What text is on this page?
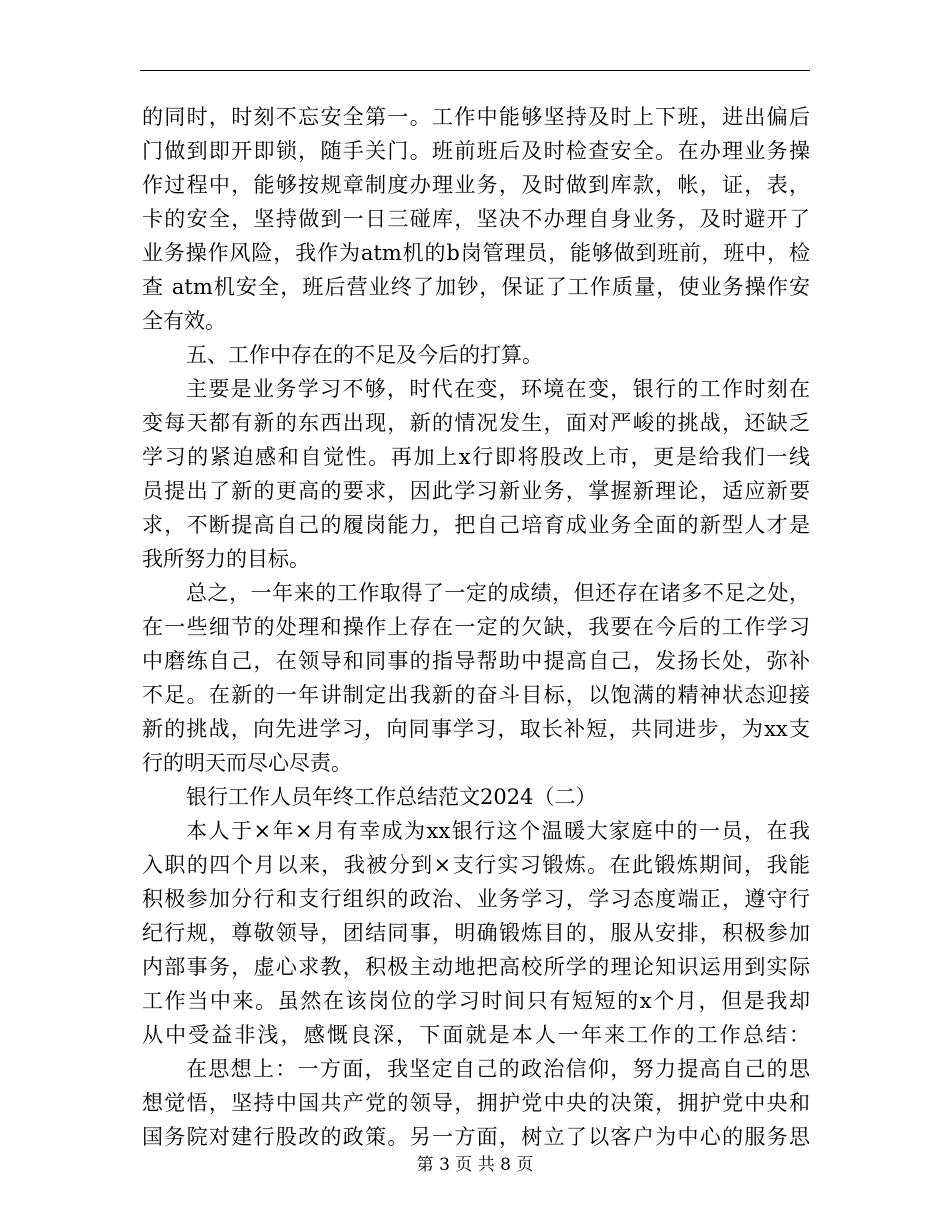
的同时，时刻不忘安全第一。工作中能够坚持及时上下班，进出偏后
门做到即开即锁，随手关门。班前班后及时检查安全。在办理业务操
作过程中，能够按规章制度办理业务，及时做到库款，帐，证，表，
卡的安全，坚持做到一日三碰库，坚决不办理自身业务，及时避开了
业务操作风险，我作为atm机的b岗管理员，能够做到班前，班中，检
查 atm机安全，班后营业终了加钞，保证了工作质量，使业务操作安
全有效。
五、工作中存在的不足及今后的打算。
主要是业务学习不够，时代在变，环境在变，银行的工作时刻在
变每天都有新的东西出现，新的情况发生，面对严峻的挑战，还缺乏
学习的紧迫感和自觉性。再加上x行即将股改上市，更是给我们一线
员提出了新的更高的要求，因此学习新业务，掌握新理论，适应新要
求，不断提高自己的履岗能力，把自己培育成业务全面的新型人才是
我所努力的目标。
总之，一年来的工作取得了一定的成绩，但还存在诸多不足之处，
在一些细节的处理和操作上存在一定的欠缺，我要在今后的工作学习
中磨练自己，在领导和同事的指导帮助中提高自己，发扬长处，弥补
不足。在新的一年讲制定出我新的奋斗目标，以饱满的精神状态迎接
新的挑战，向先进学习，向同事学习，取长补短，共同进步，为xx支
行的明天而尽心尽责。
银行工作人员年终工作总结范文2024（二）
本人于×年×月有幸成为xx银行这个温暖大家庭中的一员，在我
入职的四个月以来，我被分到×支行实习锻炼。在此锻炼期间，我能
积极参加分行和支行组织的政治、业务学习，学习态度端正，遵守行
纪行规，尊敬领导，团结同事，明确锻炼目的，服从安排，积极参加
内部事务，虚心求教，积极主动地把高校所学的理论知识运用到实际
工作当中来。虽然在该岗位的学习时间只有短短的x个月，但是我却
从中受益非浅，感慨良深，下面就是本人一年来工作的工作总结：
在思想上：一方面，我坚定自己的政治信仰，努力提高自己的思
想觉悟，坚持中国共产党的领导，拥护党中央的决策，拥护党中央和
国务院对建行股改的政策。另一方面，树立了以客户为中心的服务思
第 3 页 共 8 页
